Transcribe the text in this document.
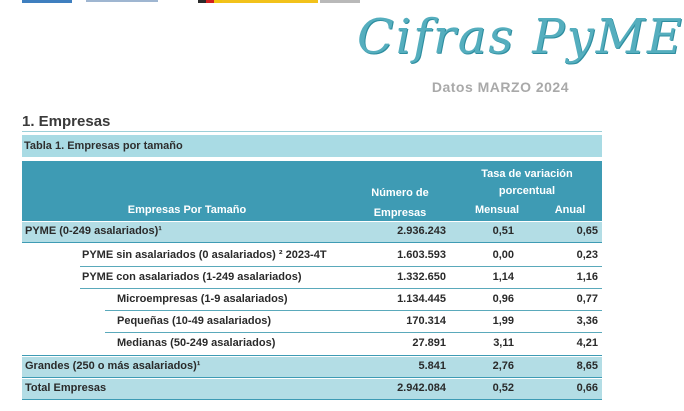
Cifras PyME
Datos MARZO 2024
1. Empresas
Tabla 1. Empresas por tamaño
Empresas Por Tamaño
Número de
Empresas
Tasa de variación
porcentual
Mensual	Anual
PYME (0-249 asalariados)¹	2.936.243	0,51	0,65
PYME sin asalariados (0 asalariados) ² 2023-4T	1.603.593	0,00	0,23
PYME con asalariados (1-249 asalariados)	1.332.650	1,14	1,16
Microempresas (1-9 asalariados)	1.134.445	0,96	0,77
Pequeñas (10-49 asalariados)	170.314	1,99	3,36
Medianas (50-249 asalariados)	27.891	3,11	4,21
Grandes (250 o más asalariados)¹	5.841	2,76	8,65
Total Empresas	2.942.084	0,52	0,66
